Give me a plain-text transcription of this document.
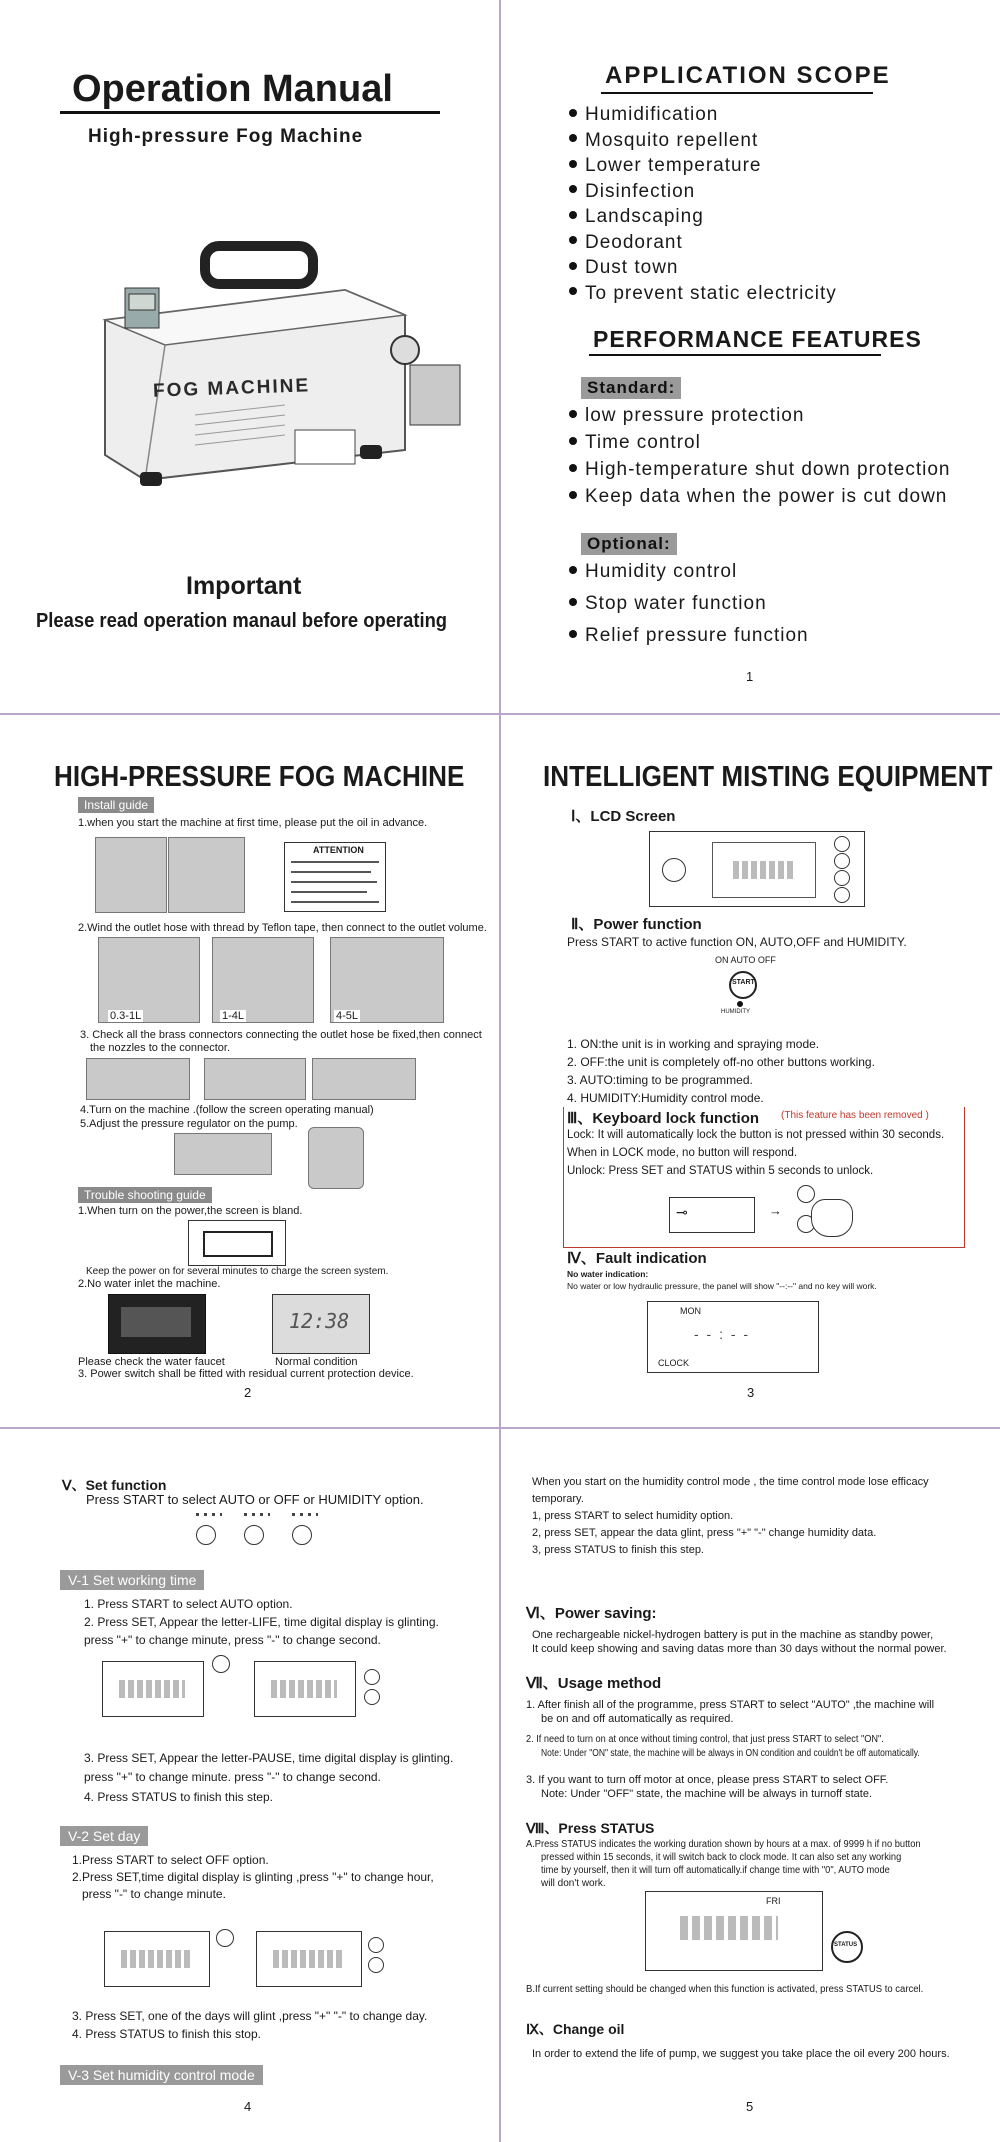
Operation Manual
High-pressure Fog Machine
FOG MACHINE
Important
Please read operation manaul before operating
APPLICATION SCOPE
Humidification
Mosquito repellent
Lower temperature
Disinfection
Landscaping
Deodorant
Dust town
To prevent static electricity
PERFORMANCE FEATURES
Standard:
low pressure protection
Time control
High-temperature shut down protection
Keep data when the power is cut down
Optional:
Humidity control
Stop water function
Relief pressure function
1
HIGH-PRESSURE FOG MACHINE
Install guide
1.when you start the machine at first time, please put the oil in advance.
ATTENTION
2.Wind the outlet hose with thread by Teflon tape, then connect to the outlet volume.
0.3-1L	1-4L	4-5L
3. Check all the brass connectors connecting the outlet hose be fixed,then connect
the nozzles to the connector.
4.Turn on the machine .(follow the screen operating manual)
5.Adjust the pressure regulator on the pump.
Trouble shooting guide
1.When turn on the power,the screen is bland.
Keep the power on for several minutes to charge the screen system.
2.No water inlet the machine.
12:38
Please check the water faucet	Normal condition
3. Power switch shall be fitted with residual current protection device.
2
INTELLIGENT MISTING EQUIPMENT
Ⅰ、LCD Screen
Ⅱ、Power function
Press START to active function ON, AUTO,OFF and HUMIDITY.
ON AUTO OFF
START
HUMIDITY
1. ON:the unit is in working and spraying mode.
2. OFF:the unit is completely off-no other buttons working.
3. AUTO:timing to be programmed.
4. HUMIDITY:Humidity control mode.
Ⅲ、Keyboard lock function (This feature has been removed )
Lock: It will automatically lock the button is not pressed within 30 seconds.
When in LOCK mode, no button will respond.
Unlock: Press SET and STATUS within 5 seconds to unlock.
⊸	→
Ⅳ、Fault indication
No water indication:
No water or low hydraulic pressure, the panel will show "--:--" and no key will work.
MON
- - : - -
CLOCK
3
Ⅴ、Set function
Press START to select AUTO or OFF or HUMIDITY option.
V-1 Set working time
1. Press START to select AUTO option.
2. Press SET, Appear the letter-LIFE, time digital display is glinting.
press "+" to change minute, press "-" to change second.
3. Press SET, Appear the letter-PAUSE, time digital display is glinting.
press "+" to change minute. press "-" to change second.
4. Press STATUS to finish this step.
V-2 Set day
1.Press START to select OFF option.
2.Press SET,time digital display is glinting ,press "+" to change hour,
press "-" to change minute.
3. Press SET, one of the days will glint ,press "+" "-" to change day.
4. Press STATUS to finish this stop.
V-3 Set humidity control mode
4
When you start on the humidity control mode , the time control mode lose efficacy
temporary.
1, press START to select humidity option.
2, press SET, appear the data glint, press "+" "-" change humidity data.
3, press STATUS to finish this step.
Ⅵ、Power saving:
One rechargeable nickel-hydrogen battery is put in the machine as standby power,
It could keep showing and saving datas more than 30 days without the normal power.
Ⅶ、Usage method
1. After finish all of the programme, press START to select "AUTO" ,the machine will
be on and off automatically as required.
2. If need to turn on at once without timing control, that just press START to select "ON".
Note: Under "ON" state, the machine will be always in ON condition and couldn't be off automatically.
3. If you want to turn off motor at once, please press START to select OFF.
Note: Under "OFF" state, the machine will be always in turnoff state.
Ⅷ、Press STATUS
A.Press STATUS indicates the working duration shown by hours at a max. of 9999 h if no button
pressed within 15 seconds, it will switch back to clock mode. It can also set any working
time by yourself, then it will turn off automatically.if change time with "0", AUTO mode
will don't work.
FRI
STATUS
B.If current setting should be changed when this function is activated, press STATUS to carcel.
Ⅸ、Change oil
In order to extend the life of pump, we suggest you take place the oil every 200 hours.
5
